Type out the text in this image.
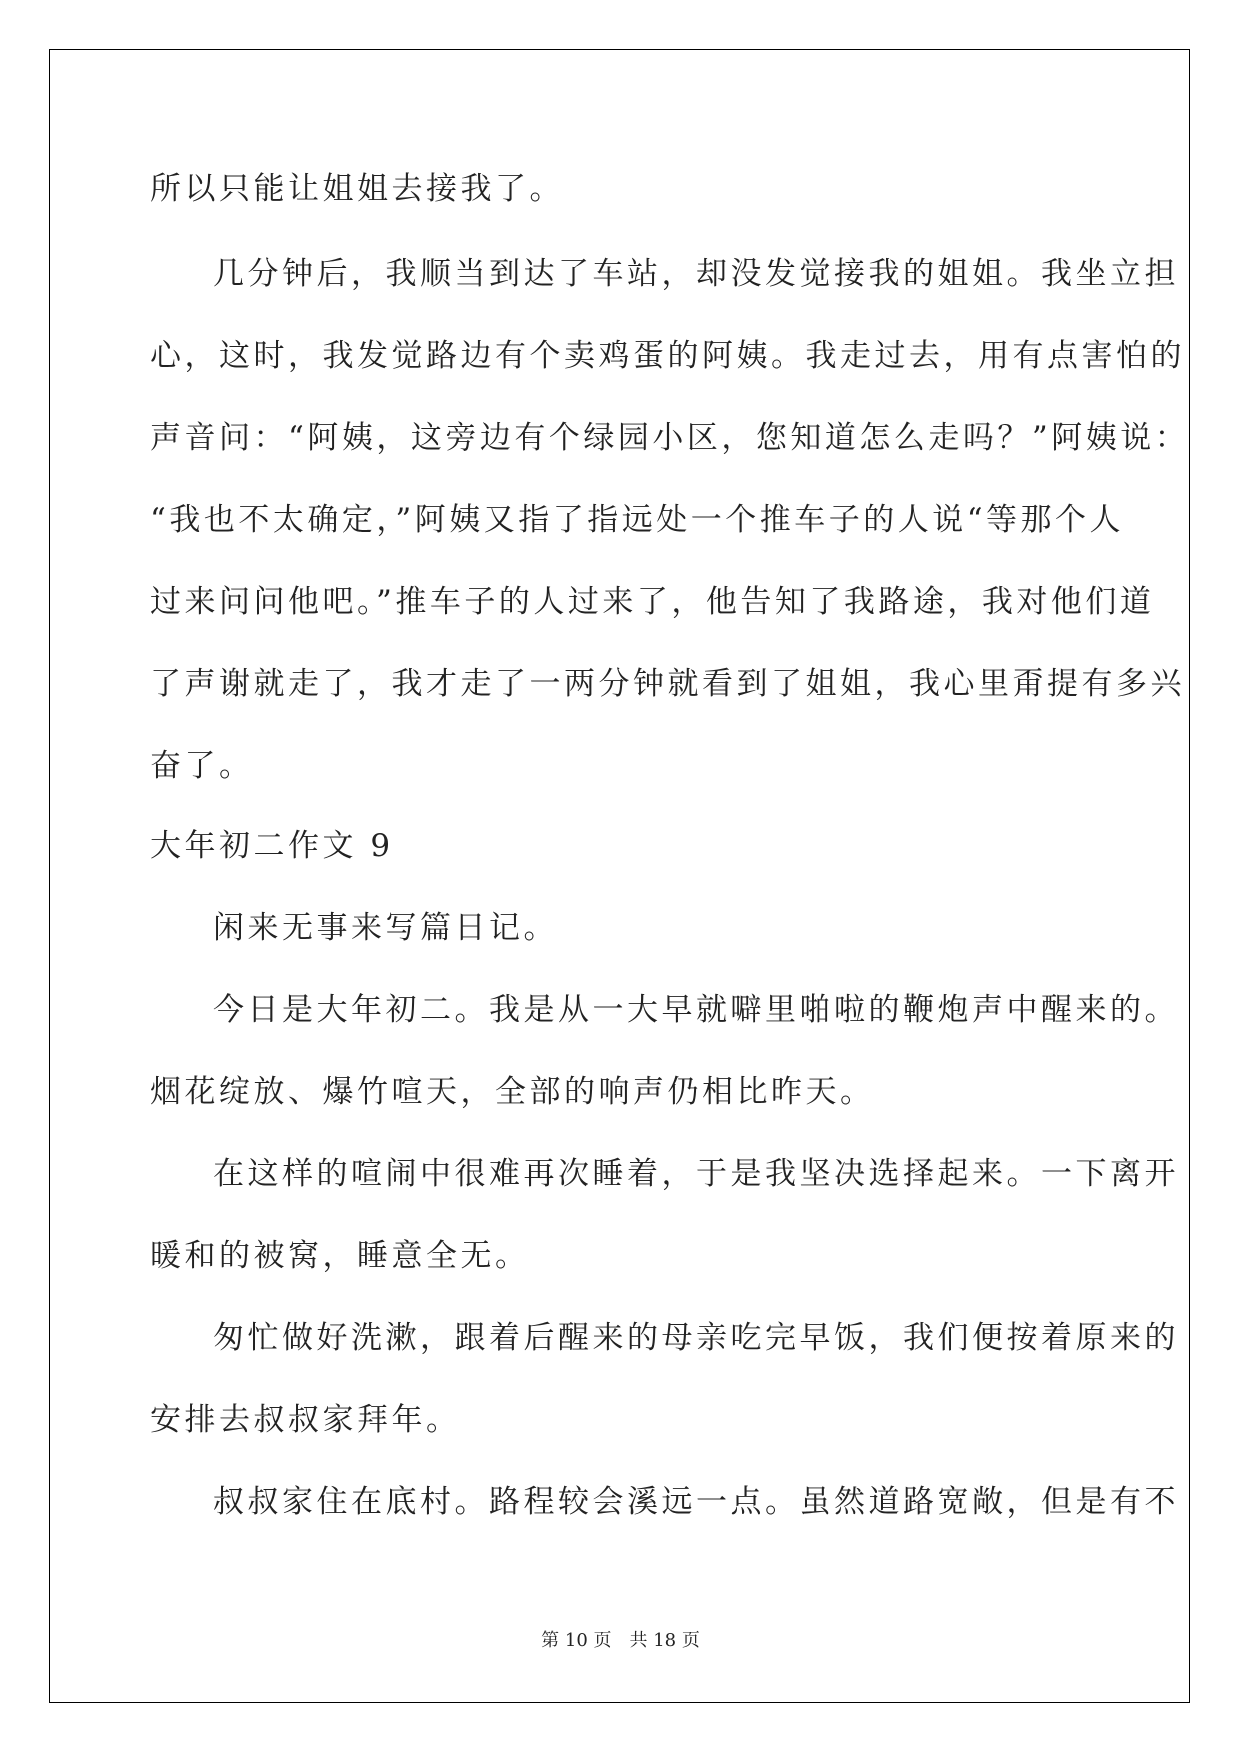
所以只能让姐姐去接我了。
几分钟后，我顺当到达了车站，却没发觉接我的姐姐。我坐立担
心，这时，我发觉路边有个卖鸡蛋的阿姨。我走过去，用有点害怕的
声音问：“阿姨，这旁边有个绿园小区，您知道怎么走吗？”阿姨说：
“我也不太确定，”阿姨又指了指远处一个推车子的人说“等那个人
过来问问他吧。”推车子的人过来了，他告知了我路途，我对他们道
了声谢就走了，我才走了一两分钟就看到了姐姐，我心里甭提有多兴
奋了。
大年初二作文 9
闲来无事来写篇日记。
今日是大年初二。我是从一大早就噼里啪啦的鞭炮声中醒来的。
烟花绽放、爆竹喧天，全部的响声仍相比昨天。
在这样的喧闹中很难再次睡着，于是我坚决选择起来。一下离开
暖和的被窝，睡意全无。
匆忙做好洗漱，跟着后醒来的母亲吃完早饭，我们便按着原来的
安排去叔叔家拜年。
叔叔家住在底村。路程较会溪远一点。虽然道路宽敞，但是有不
第 10 页 共 18 页
